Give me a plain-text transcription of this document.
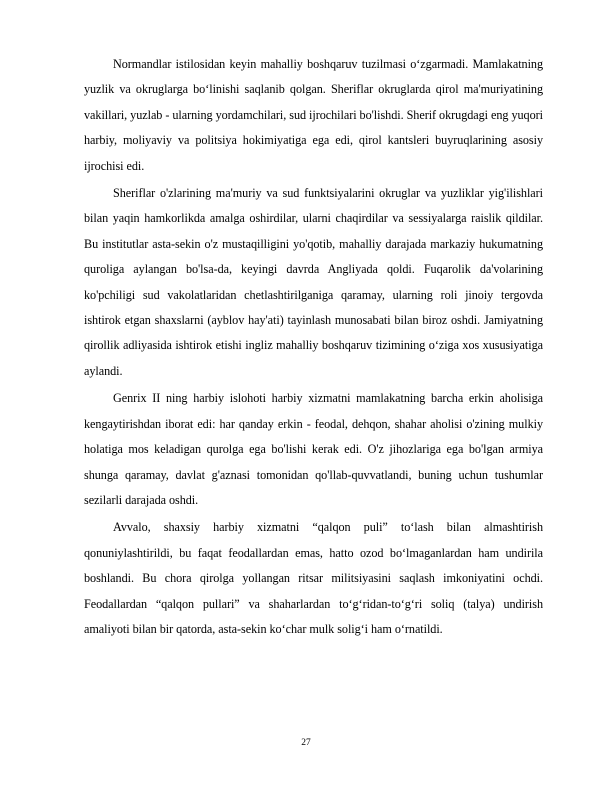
Normandlar istilosidan keyin mahalliy boshqaruv tuzilmasi oʻzgarmadi. Mamlakatning yuzlik va okruglarga boʻlinishi saqlanib qolgan. Sheriflar okruglarda qirol ma'muriyatining vakillari, yuzlab - ularning yordamchilari, sud ijrochilari bo'lishdi. Sherif okrugdagi eng yuqori harbiy, moliyaviy va politsiya hokimiyatiga ega edi, qirol kantsleri buyruqlarining asosiy ijrochisi edi.

Sheriflar o'zlarining ma'muriy va sud funktsiyalarini okruglar va yuzliklar yig'ilishlari bilan yaqin hamkorlikda amalga oshirdilar, ularni chaqirdilar va sessiyalarga raislik qildilar. Bu institutlar asta-sekin o'z mustaqilligini yo'qotib, mahalliy darajada markaziy hukumatning quroliga aylangan bo'lsa-da, keyingi davrda Angliyada qoldi. Fuqarolik da'volarining ko'pchiligi sud vakolatlaridan chetlashtirilganiga qaramay, ularning roli jinoiy tergovda ishtirok etgan shaxslarni (ayblov hay'ati) tayinlash munosabati bilan biroz oshdi. Jamiyatning qirollik adliyasida ishtirok etishi ingliz mahalliy boshqaruv tizimining o‘ziga xos xususiyatiga aylandi.

Genrix II ning harbiy islohoti harbiy xizmatni mamlakatning barcha erkin aholisiga kengaytirishdan iborat edi: har qanday erkin - feodal, dehqon, shahar aholisi o'zining mulkiy holatiga mos keladigan qurolga ega bo'lishi kerak edi. O'z jihozlariga ega bo'lgan armiya shunga qaramay, davlat g'aznasi tomonidan qo'llab-quvvatlandi, buning uchun tushumlar sezilarli darajada oshdi.

Avvalo, shaxsiy harbiy xizmatni “qalqon puli” to‘lash bilan almashtirish qonuniylashtirildi, bu faqat feodallardan emas, hatto ozod bo‘lmaganlardan ham undirila boshlandi. Bu chora qirolga yollangan ritsar militsiyasini saqlash imkoniyatini ochdi. Feodallardan “qalqon pullari” va shaharlardan toʻgʻridan-toʻgʻri soliq (talya) undirish amaliyoti bilan bir qatorda, asta-sekin koʻchar mulk soligʻi ham oʻrnatildi.

27
